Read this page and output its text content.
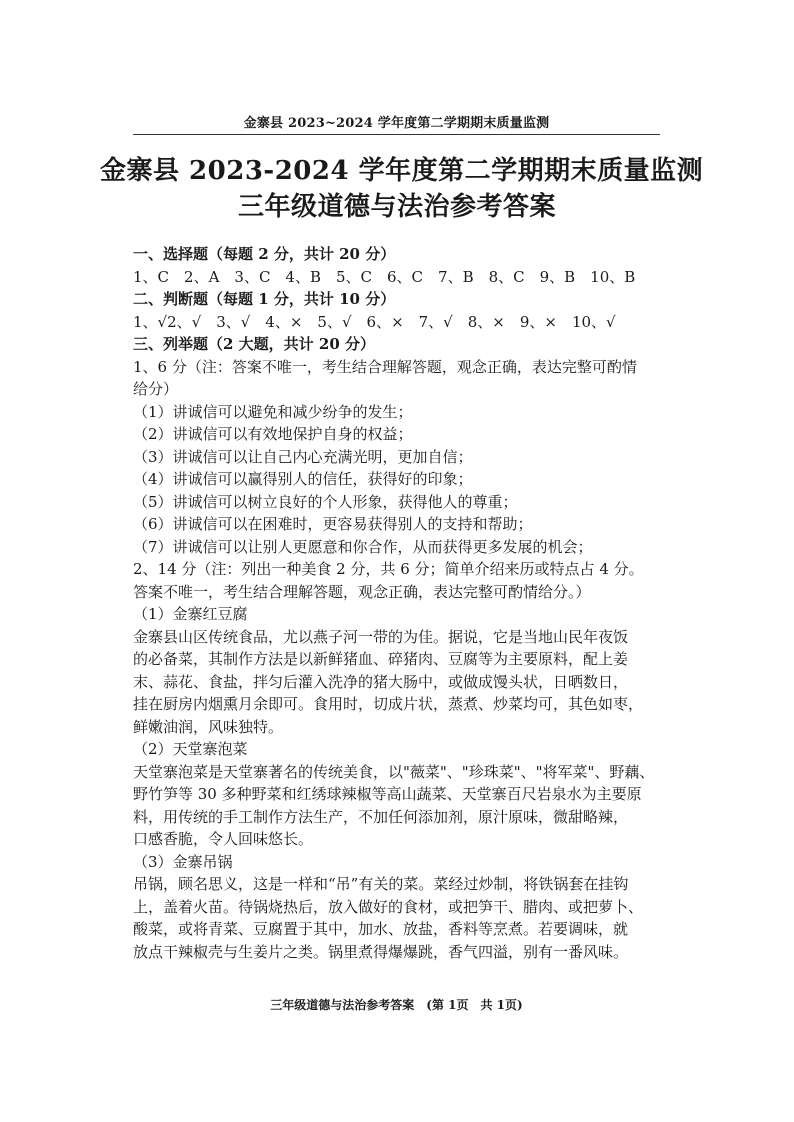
金寨县 2023~2024 学年度第二学期期末质量监测
金寨县 2023-2024 学年度第二学期期末质量监测
三年级道德与法治参考答案
一、选择题（每题 2 分，共计 20 分）
1、C　2、A　3、C　4、B　5、C　6、C　7、B　8、C　9、B　10、B
二、判断题（每题 1 分，共计 10 分）
1、√2、√　3、√　4、×　5、√　6、×　7、√　8、×　9、×　10、√
三、列举题（2 大题，共计 20 分）
1、6 分（注：答案不唯一，考生结合理解答题，观念正确，表达完整可酌情
给分）
（1）讲诚信可以避免和减少纷争的发生；
（2）讲诚信可以有效地保护自身的权益；
（3）讲诚信可以让自己内心充满光明，更加自信；
（4）讲诚信可以赢得别人的信任，获得好的印象；
（5）讲诚信可以树立良好的个人形象，获得他人的尊重；
（6）讲诚信可以在困难时，更容易获得别人的支持和帮助；
（7）讲诚信可以让别人更愿意和你合作，从而获得更多发展的机会；
2、14 分（注：列出一种美食 2 分，共 6 分；简单介绍来历或特点占 4 分。
答案不唯一，考生结合理解答题，观念正确，表达完整可酌情给分。）
（1）金寨红豆腐
金寨县山区传统食品，尤以燕子河一带的为佳。据说，它是当地山民年夜饭
的必备菜，其制作方法是以新鲜猪血、碎猪肉、豆腐等为主要原料，配上姜
末、蒜花、食盐，拌匀后灌入洗净的猪大肠中，或做成馒头状，日晒数日，
挂在厨房内烟熏月余即可。食用时，切成片状，蒸煮、炒菜均可，其色如枣，
鲜嫩油润，风味独特。
（2）天堂寨泡菜
天堂寨泡菜是天堂寨著名的传统美食，以"薇菜"、"珍珠菜"、"将军菜"、野藕、
野竹笋等 30 多种野菜和红绣球辣椒等高山蔬菜、天堂寨百尺岩泉水为主要原
料，用传统的手工制作方法生产，不加任何添加剂，原汁原味，微甜略辣，
口感香脆，令人回味悠长。
（3）金寨吊锅
吊锅，顾名思义，这是一样和“吊”有关的菜。菜经过炒制，将铁锅套在挂钩
上，盖着火苗。待锅烧热后，放入做好的食材，或把笋干、腊肉、或把萝卜、
酸菜，或将青菜、豆腐置于其中，加水、放盐，香料等烹煮。若要调味，就
放点干辣椒壳与生姜片之类。锅里煮得爆爆跳，香气四溢，别有一番风味。
三年级道德与法治参考答案　(第 1页　共 1页)
